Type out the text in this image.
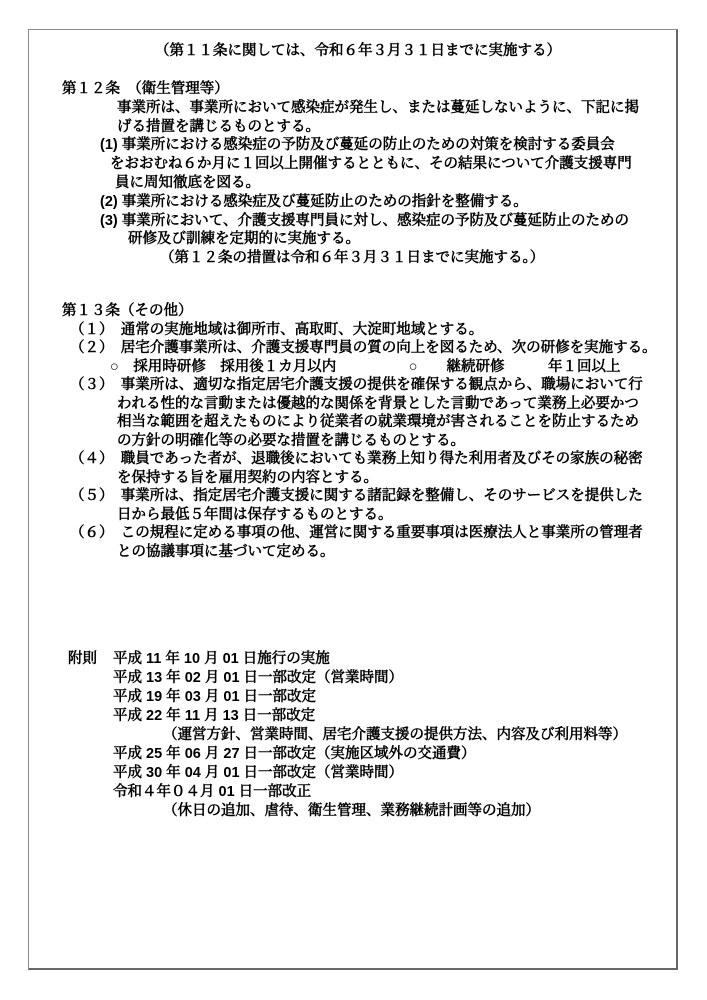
（第１１条に関しては、令和６年３月３１日までに実施する）
第１２条　（衛生管理等）
事業所は、事業所において感染症が発生し、または蔓延しないように、下記に掲
げる措置を講じるものとする。
(1) 事業所における感染症の予防及び蔓延の防止のための対策を検討する委員会
をおおむね６か月に１回以上開催するとともに、その結果について介護支援専門
員に周知徹底を図る。
(2) 事業所における感染症及び蔓延防止のための指針を整備する。
(3) 事業所において、介護支援専門員に対し、感染症の予防及び蔓延防止のための
研修及び訓練を定期的に実施する。
（第１２条の措置は令和６年３月３１日までに実施する。）
第１３条（その他）
（１）　通常の実施地域は御所市、高取町、大淀町地域とする。
（２）　居宅介護事業所は、介護支援専門員の質の向上を図るため、次の研修を実施する。
○　採用時研修　採用後１カ月以内　　　　　○　　継続研修　　　年１回以上
（３）　事業所は、適切な指定居宅介護支援の提供を確保する観点から、職場において行
われる性的な言動または優越的な関係を背景とした言動であって業務上必要かつ
相当な範囲を超えたものにより従業者の就業環境が害されることを防止するため
の方針の明確化等の必要な措置を講じるものとする。
（４）　職員であった者が、退職後においても業務上知り得た利用者及びその家族の秘密
を保持する旨を雇用契約の内容とする。
（５）　事業所は、指定居宅介護支援に関する諸記録を整備し、そのサービスを提供した
日から最低５年間は保存するものとする。
（６）　この規程に定める事項の他、運営に関する重要事項は医療法人と事業所の管理者
との協議事項に基づいて定める。
附則 平成 11 年 10 月 01 日施行の実施
平成 13 年 02 月 01 日一部改定（営業時間）
平成 19 年 03 月 01 日一部改定
平成 22 年 11 月 13 日一部改定
（運営方針、営業時間、居宅介護支援の提供方法、内容及び利用料等）
平成 25 年 06 月 27 日一部改定（実施区域外の交通費）
平成 30 年 04 月 01 日一部改定（営業時間）
令和４年０４月 01 日一部改正
（休日の追加、虐待、衛生管理、業務継続計画等の追加）
